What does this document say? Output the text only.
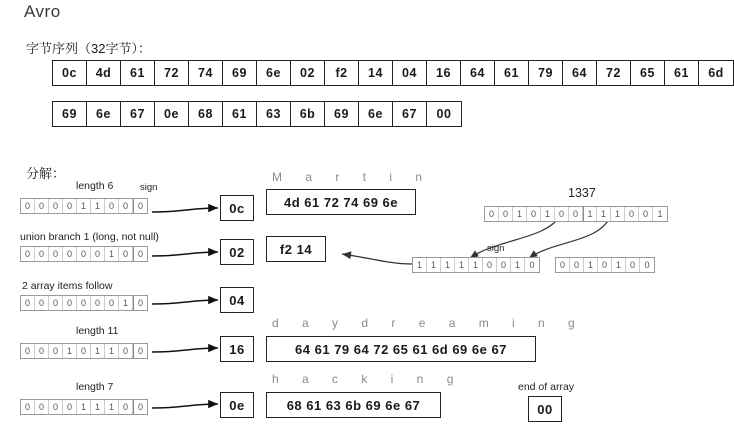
Avro
字节序列（32字节）：
分解：
0c	4d	61	72	74	69	6e	02	f2	14	04	16	64	61	79	64	72	65	61	6d
69	6e	67	0e	68	61	63	6b	69	6e	67	00
length 6	sign
0 0 0 0 1 1 0 0	0	0c
M a r t i n
4d 61 72 74 69 6e
union branch 1 (long, not null)
0 0 0 0 0 0 1 0	0	02	f2 14
2 array items follow
0 0 0 0 0 0 0 1	0	04
length 11
0 0 0 1 0 1 1 0	0	16
d a y d r e a m i n g
64 61 79 64 72 65 61 6d 69 6e 67
length 7
0 0 0 0 1 1 1 0	0	0e
h a c k i n g
68 61 63 6b 69 6e 67
1337
0 0 1 0 1 0 0	1 1 1 0 0	1
sign
1 1 1 1 1 0 0 1	0	0 0 1 0 1 0	0
end of array
00
